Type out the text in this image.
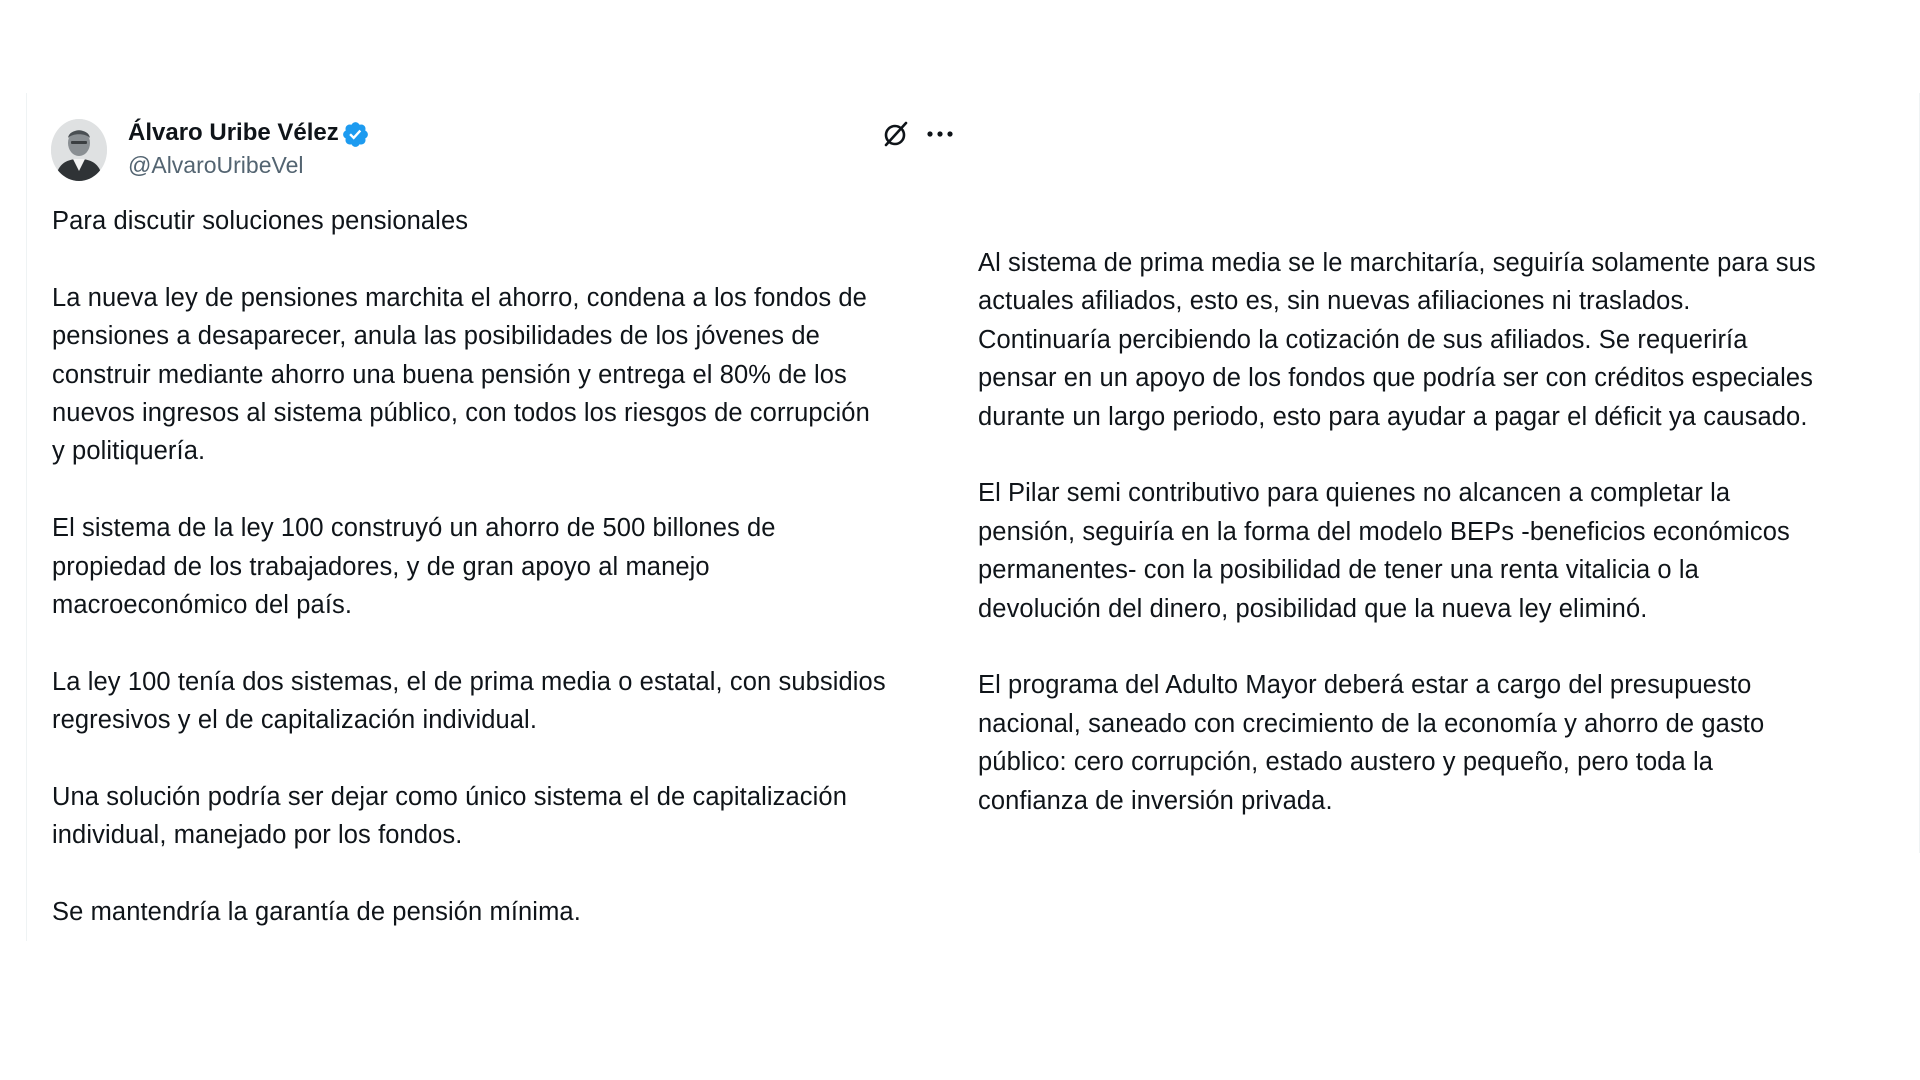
Álvaro Uribe Vélez
@AlvaroUribeVel

Para discutir soluciones pensionales

La nueva ley de pensiones marchita el ahorro, condena a los fondos de
pensiones a desaparecer, anula las posibilidades de los jóvenes de
construir mediante ahorro una buena pensión y entrega el 80% de los
nuevos ingresos al sistema público, con todos los riesgos de corrupción
y politiquería.

El sistema de la ley 100 construyó un ahorro de 500 billones de
propiedad de los trabajadores, y de gran apoyo al manejo
macroeconómico del país.

La ley 100 tenía dos sistemas, el de prima media o estatal, con subsidios
regresivos y el de capitalización individual.

Una solución podría ser dejar como único sistema el de capitalización
individual, manejado por los fondos.

Se mantendría la garantía de pensión mínima.

Al sistema de prima media se le marchitaría, seguiría solamente para sus
actuales afiliados, esto es, sin nuevas afiliaciones ni traslados.
Continuaría percibiendo la cotización de sus afiliados. Se requeriría
pensar en un apoyo de los fondos que podría ser con créditos especiales
durante un largo periodo, esto para ayudar a pagar el déficit ya causado.

El Pilar semi contributivo para quienes no alcancen a completar la
pensión, seguiría en la forma del modelo BEPs -beneficios económicos
permanentes- con la posibilidad de tener una renta vitalicia o la
devolución del dinero, posibilidad que la nueva ley eliminó.

El programa del Adulto Mayor deberá estar a cargo del presupuesto
nacional, saneado con crecimiento de la economía y ahorro de gasto
público: cero corrupción, estado austero y pequeño, pero toda la
confianza de inversión privada.
